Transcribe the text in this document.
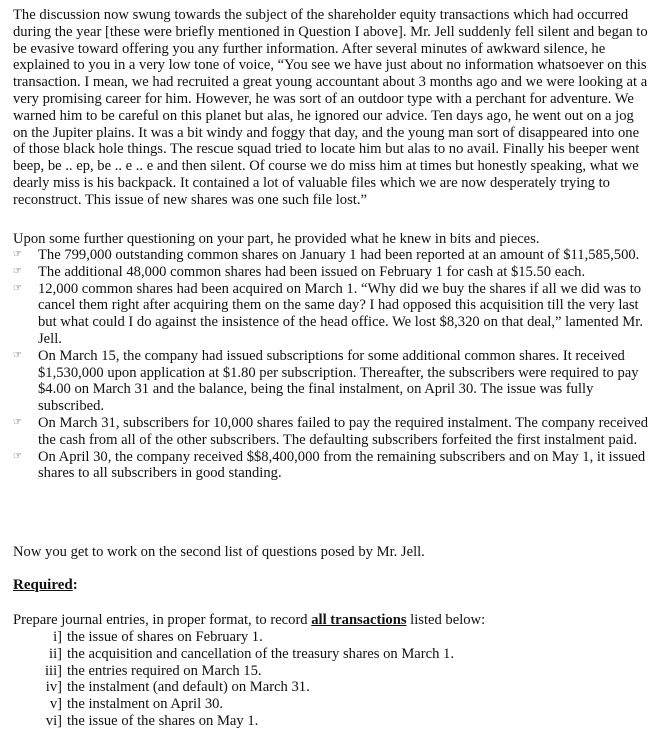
The discussion now swung towards the subject of the shareholder equity transactions which had occurred during the year [these were briefly mentioned in Question I above]. Mr. Jell suddenly fell silent and began to be evasive toward offering you any further information. After several minutes of awkward silence, he explained to you in a very low tone of voice, “You see we have just about no information whatsoever on this transaction. I mean, we had recruited a great young accountant about 3 months ago and we were looking at a very promising career for him. However, he was sort of an outdoor type with a perchant for adventure. We warned him to be careful on this planet but alas, he ignored our advice. Ten days ago, he went out on a jog on the Jupiter plains. It was a bit windy and foggy that day, and the young man sort of disappeared into one of those black hole things. The rescue squad tried to locate him but alas to no avail. Finally his beeper went beep, be .. ep, be .. e .. e and then silent. Of course we do miss him at times but honestly speaking, what we dearly miss is his backpack. It contained a lot of valuable files which we are now desperately trying to reconstruct. This issue of new shares was one such file lost.”

Upon some further questioning on your part, he provided what he knew in bits and pieces.

☞ The 799,000 outstanding common shares on January 1 had been reported at an amount of $11,585,500.
☞ The additional 48,000 common shares had been issued on February 1 for cash at $15.50 each.
☞ 12,000 common shares had been acquired on March 1. “Why did we buy the shares if all we did was to cancel them right after acquiring them on the same day? I had opposed this acquisition till the very last but what could I do against the insistence of the head office. We lost $8,320 on that deal,” lamented Mr. Jell.
☞ On March 15, the company had issued subscriptions for some additional common shares. It received $1,530,000 upon application at $1.80 per subscription. Thereafter, the subscribers were required to pay $4.00 on March 31 and the balance, being the final instalment, on April 30. The issue was fully subscribed.
☞ On March 31, subscribers for 10,000 shares failed to pay the required instalment. The company received the cash from all of the other subscribers. The defaulting subscribers forfeited the first instalment paid.
☞ On April 30, the company received $$8,400,000 from the remaining subscribers and on May 1, it issued shares to all subscribers in good standing.

Now you get to work on the second list of questions posed by Mr. Jell.

Required:

Prepare journal entries, in proper format, to record all transactions listed below:

i] the issue of shares on February 1.
ii] the acquisition and cancellation of the treasury shares on March 1.
iii] the entries required on March 15.
iv] the instalment (and default) on March 31.
v] the instalment on April 30.
vi] the issue of the shares on May 1.
